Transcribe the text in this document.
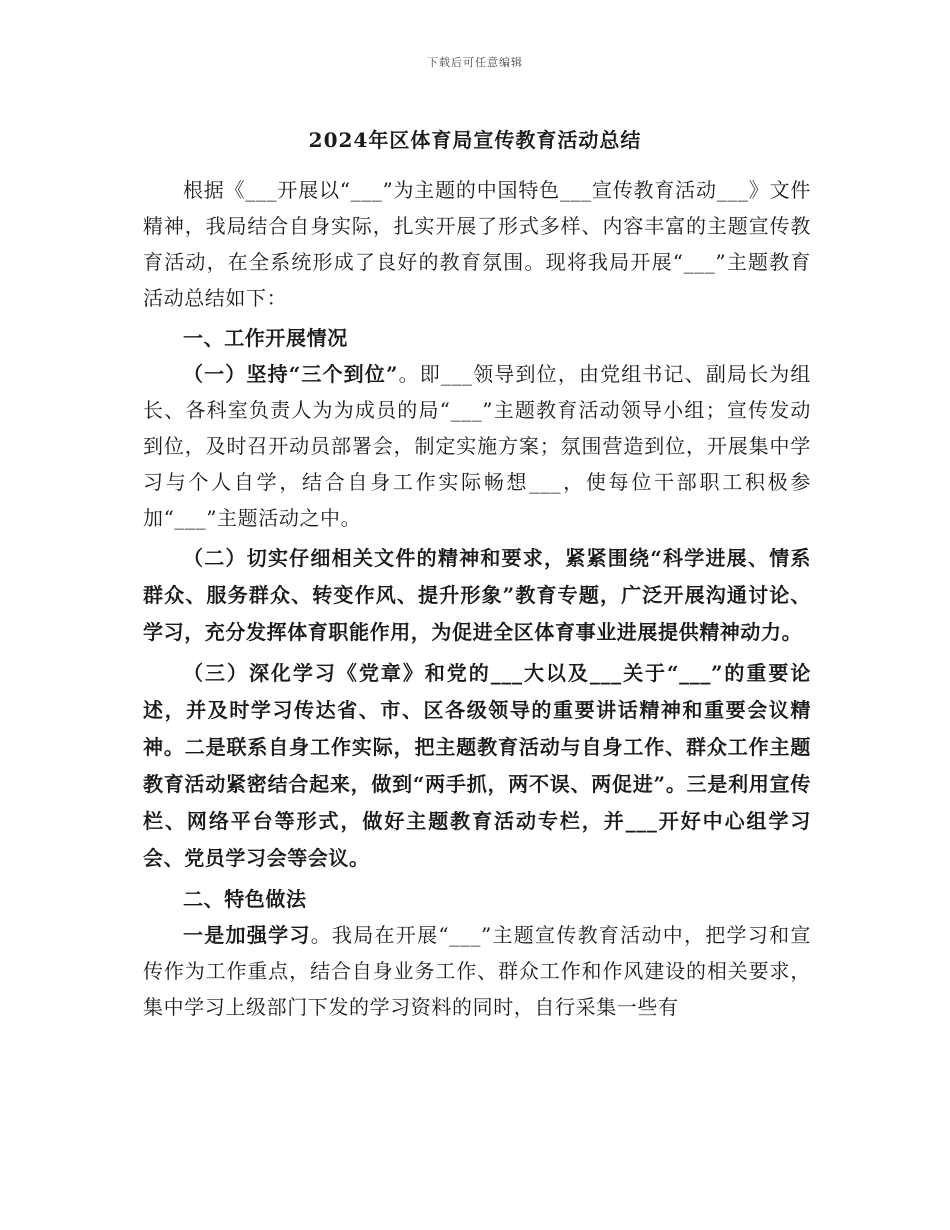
下载后可任意编辑
2024年区体育局宣传教育活动总结

根据《___开展以“___”为主题的中国特色___宣传教育活动___》文件精神，我局结合自身实际，扎实开展了形式多样、内容丰富的主题宣传教育活动，在全系统形成了良好的教育氛围。现将我局开展“___”主题教育活动总结如下：

一、工作开展情况

（一）坚持“三个到位”。即___领导到位，由党组书记、副局长为组长、各科室负责人为为成员的局“___”主题教育活动领导小组；宣传发动到位，及时召开动员部署会，制定实施方案；氛围营造到位，开展集中学习与个人自学，结合自身工作实际畅想___，使每位干部职工积极参加“___”主题活动之中。

（二）切实仔细相关文件的精神和要求，紧紧围绕“科学进展、情系群众、服务群众、转变作风、提升形象”教育专题，广泛开展沟通讨论、学习，充分发挥体育职能作用，为促进全区体育事业进展提供精神动力。

（三）深化学习《党章》和党的___大以及___关于“___”的重要论述，并及时学习传达省、市、区各级领导的重要讲话精神和重要会议精神。二是联系自身工作实际，把主题教育活动与自身工作、群众工作主题教育活动紧密结合起来，做到“两手抓，两不误、两促进”。三是利用宣传栏、网络平台等形式，做好主题教育活动专栏，并___开好中心组学习会、党员学习会等会议。

二、特色做法

一是加强学习。我局在开展“___”主题宣传教育活动中，把学习和宣传作为工作重点，结合自身业务工作、群众工作和作风建设的相关要求，集中学习上级部门下发的学习资料的同时，自行采集一些有
